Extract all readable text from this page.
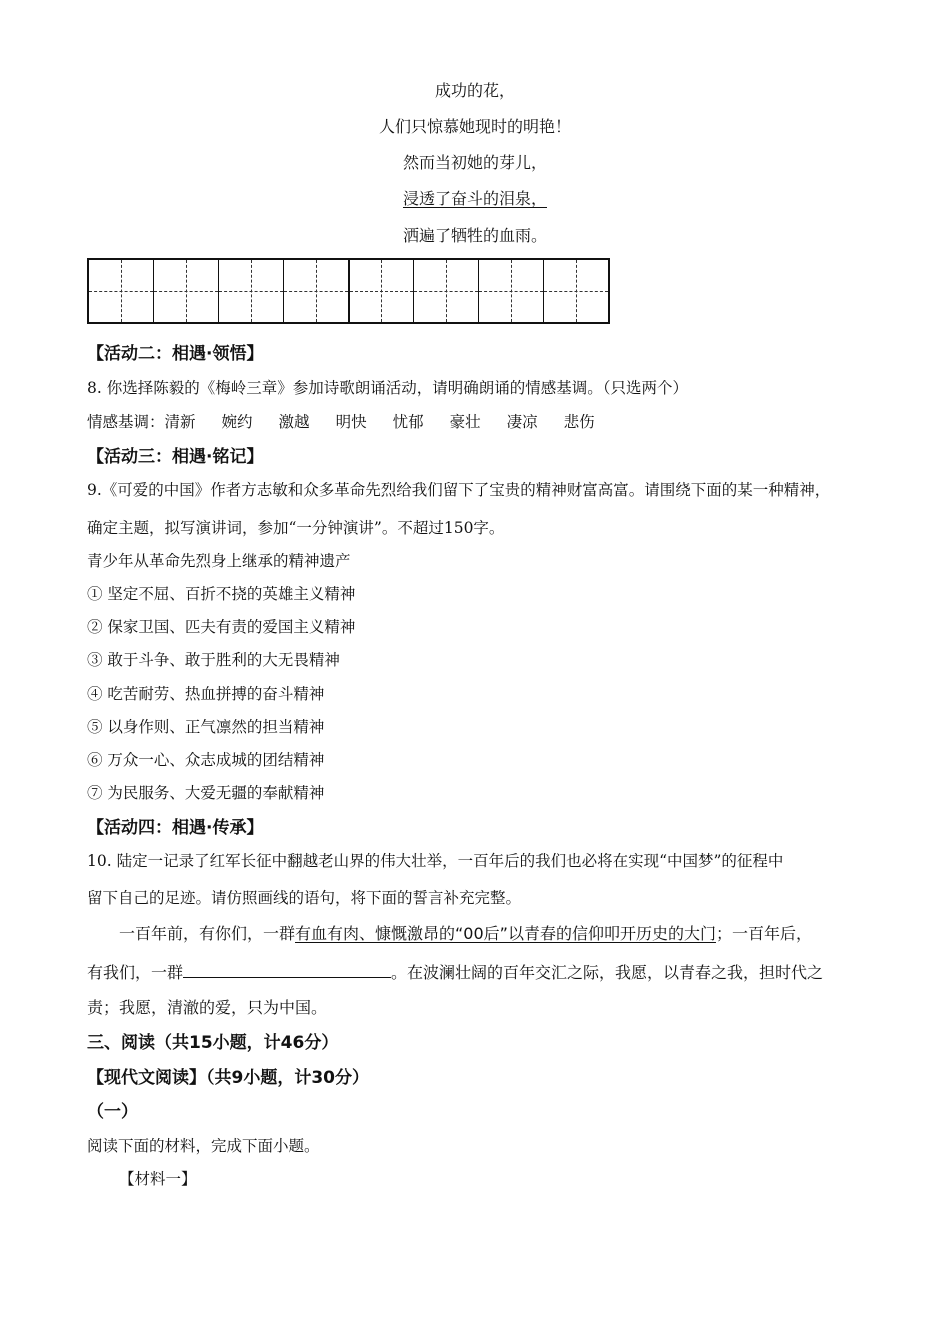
成功的花，
人们只惊慕她现时的明艳！
然而当初她的芽儿，
浸透了奋斗的泪泉，
洒遍了牺牲的血雨。
【活动二：相遇·领悟】
8. 你选择陈毅的《梅岭三章》参加诗歌朗诵活动，请明确朗诵的情感基调。（只选两个）
情感基调：清新 婉约 激越 明快 忧郁 豪壮 凄凉 悲伤
【活动三：相遇·铭记】
9.《可爱的中国》作者方志敏和众多革命先烈给我们留下了宝贵的精神财富高富。请围绕下面的某一种精神，
确定主题，拟写演讲词，参加“一分钟演讲”。不超过150字。
青少年从革命先烈身上继承的精神遗产
① 坚定不屈、百折不挠的英雄主义精神
② 保家卫国、匹夫有责的爱国主义精神
③ 敢于斗争、敢于胜利的大无畏精神
④ 吃苦耐劳、热血拼搏的奋斗精神
⑤ 以身作则、正气凛然的担当精神
⑥ 万众一心、众志成城的团结精神
⑦ 为民服务、大爱无疆的奉献精神
【活动四：相遇·传承】
10. 陆定一记录了红军长征中翻越老山界的伟大壮举，一百年后的我们也必将在实现“中国梦”的征程中
留下自己的足迹。请仿照画线的语句，将下面的誓言补充完整。
一百年前，有你们，一群有血有肉、慷慨激昂的“00后”以青春的信仰叩开历史的大门；一百年后，
有我们，一群	。在波澜壮阔的百年交汇之际，我愿，以青春之我，担时代之
责；我愿，清澈的爱，只为中国。
三、阅读（共15小题，计46分）
【现代文阅读】（共9小题，计30分）
（一）
阅读下面的材料，完成下面小题。
【材料一】
